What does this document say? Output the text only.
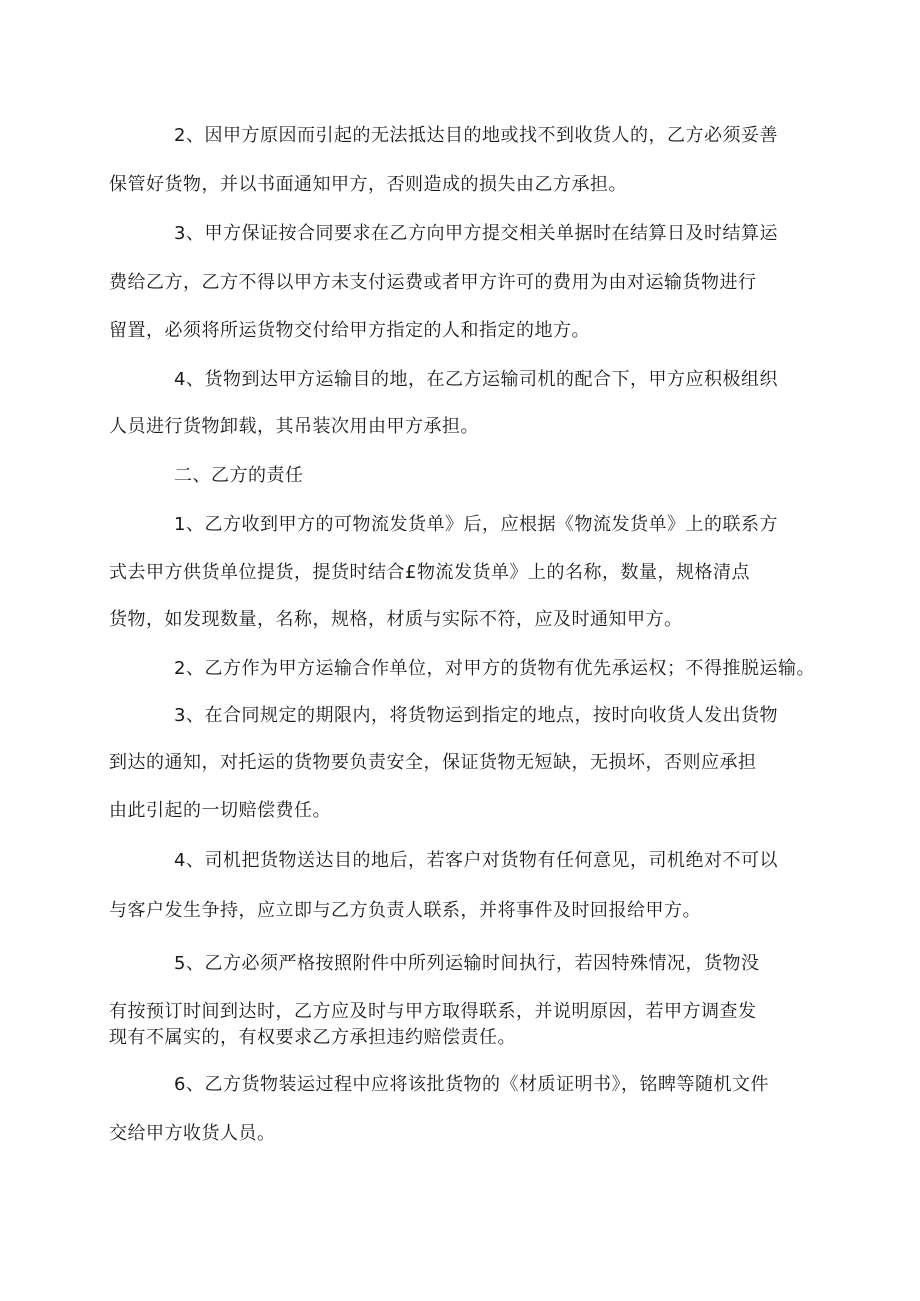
2、因甲方原因而引起的无法抵达目的地或找不到收货人的，乙方必须妥善
保管好货物，并以书面通知甲方，否则造成的损失由乙方承担。
3、甲方保证按合同要求在乙方向甲方提交相关单据时在结算日及时结算运
费给乙方，乙方不得以甲方未支付运费或者甲方许可的费用为由对运输货物进行
留置，必须将所运货物交付给甲方指定的人和指定的地方。
4、货物到达甲方运输目的地，在乙方运输司机的配合下，甲方应积极组织
人员进行货物卸载，其吊装次用由甲方承担。
二、乙方的责任
1、乙方收到甲方的可物流发货单》后，应根据《物流发货单》上的联系方
式去甲方供货单位提货，提货时结合£物流发货单》上的名称，数量，规格清点
货物，如发现数量，名称，规格，材质与实际不符，应及时通知甲方。
2、乙方作为甲方运输合作单位，对甲方的货物有优先承运权；不得推脱运输。
3、在合同规定的期限内，将货物运到指定的地点，按时向收货人发出货物
到达的通知，对托运的货物要负责安全，保证货物无短缺，无损坏，否则应承担
由此引起的一切赔偿费任。
4、司机把货物送达目的地后，若客户对货物有任何意见，司机绝对不可以
与客户发生争持，应立即与乙方负责人联系，并将事件及时回报给甲方。
5、乙方必须严格按照附件中所列运输时间执行，若因特殊情况，货物没
有按预订时间到达时，乙方应及时与甲方取得联系，并说明原因，若甲方调查发
现有不属实的，有权要求乙方承担违约赔偿责任。
6、乙方货物装运过程中应将该批货物的《材质证明书》，铭睥等随机文件
交给甲方收货人员。
